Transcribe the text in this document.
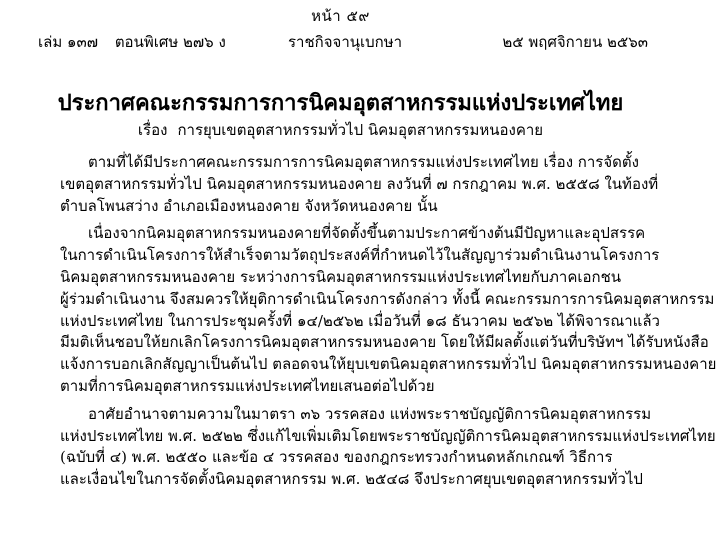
หน้า ๕๙
เล่ม ๑๓๗ ตอนพิเศษ ๒๗๖ ง	ราชกิจจานุเบกษา	๒๕ พฤศจิกายน ๒๕๖๓
ประกาศคณะกรรมการการนิคมอุตสาหกรรมแห่งประเทศไทย
เรื่อง การยุบเขตอุตสาหกรรมทั่วไป นิคมอุตสาหกรรมหนองคาย
ตามที่ได้มีประกาศคณะกรรมการการนิคมอุตสาหกรรมแห่งประเทศไทย เรื่อง การจัดตั้ง
เขตอุตสาหกรรมทั่วไป นิคมอุตสาหกรรมหนองคาย ลงวันที่ ๗ กรกฎาคม พ.ศ. ๒๕๕๘ ในท้องที่
ตำบลโพนสว่าง อำเภอเมืองหนองคาย จังหวัดหนองคาย นั้น
เนื่องจากนิคมอุตสาหกรรมหนองคายที่จัดตั้งขึ้นตามประกาศข้างต้นมีปัญหาและอุปสรรค
ในการดำเนินโครงการให้สำเร็จตามวัตถุประสงค์ที่กำหนดไว้ในสัญญาร่วมดำเนินงานโครงการ
นิคมอุตสาหกรรมหนองคาย ระหว่างการนิคมอุตสาหกรรมแห่งประเทศไทยกับภาคเอกชน
ผู้ร่วมดำเนินงาน จึงสมควรให้ยุติการดำเนินโครงการดังกล่าว ทั้งนี้ คณะกรรมการการนิคมอุตสาหกรรม
แห่งประเทศไทย ในการประชุมครั้งที่ ๑๔/๒๕๖๒ เมื่อวันที่ ๑๘ ธันวาคม ๒๕๖๒ ได้พิจารณาแล้ว
มีมติเห็นชอบให้ยกเลิกโครงการนิคมอุตสาหกรรมหนองคาย โดยให้มีผลตั้งแต่วันที่บริษัทฯ ได้รับหนังสือ
แจ้งการบอกเลิกสัญญาเป็นต้นไป ตลอดจนให้ยุบเขตนิคมอุตสาหกรรมทั่วไป นิคมอุตสาหกรรมหนองคาย
ตามที่การนิคมอุตสาหกรรมแห่งประเทศไทยเสนอต่อไปด้วย
อาศัยอำนาจตามความในมาตรา ๓๖ วรรคสอง แห่งพระราชบัญญัติการนิคมอุตสาหกรรม
แห่งประเทศไทย พ.ศ. ๒๕๒๒ ซึ่งแก้ไขเพิ่มเติมโดยพระราชบัญญัติการนิคมอุตสาหกรรมแห่งประเทศไทย
(ฉบับที่ ๔) พ.ศ. ๒๕๕๐ และข้อ ๔ วรรคสอง ของกฎกระทรวงกำหนดหลักเกณฑ์ วิธีการ
และเงื่อนไขในการจัดตั้งนิคมอุตสาหกรรม พ.ศ. ๒๕๔๘ จึงประกาศยุบเขตอุตสาหกรรมทั่วไป
